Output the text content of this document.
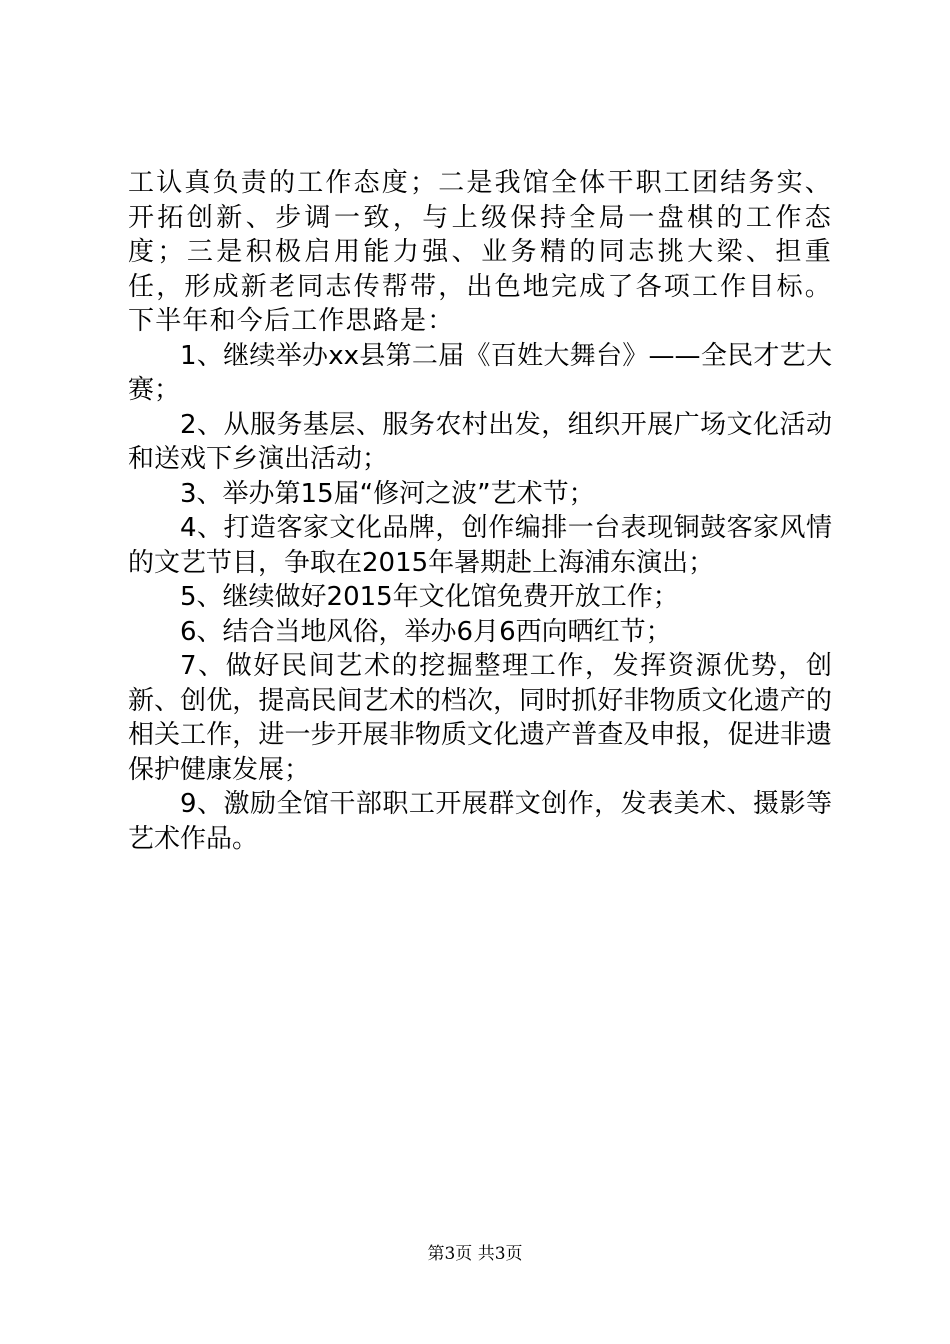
工认真负责的工作态度；二是我馆全体干职工团结务实、开拓创新、步调一致，与上级保持全局一盘棋的工作态度；三是积极启用能力强、业务精的同志挑大梁、担重任，形成新老同志传帮带，出色地完成了各项工作目标。下半年和今后工作思路是：

1、继续举办xx县第二届《百姓大舞台》——全民才艺大赛；

2、从服务基层、服务农村出发，组织开展广场文化活动和送戏下乡演出活动；

3、举办第15届“修河之波”艺术节；

4、打造客家文化品牌，创作编排一台表现铜鼓客家风情的文艺节目，争取在2015年暑期赴上海浦东演出；

5、继续做好2015年文化馆免费开放工作；

6、结合当地风俗，举办6月6西向晒红节；

7、做好民间艺术的挖掘整理工作，发挥资源优势，创新、创优，提高民间艺术的档次，同时抓好非物质文化遗产的相关工作，进一步开展非物质文化遗产普查及申报，促进非遗保护健康发展；

9、激励全馆干部职工开展群文创作，发表美术、摄影等艺术作品。

第3页 共3页
